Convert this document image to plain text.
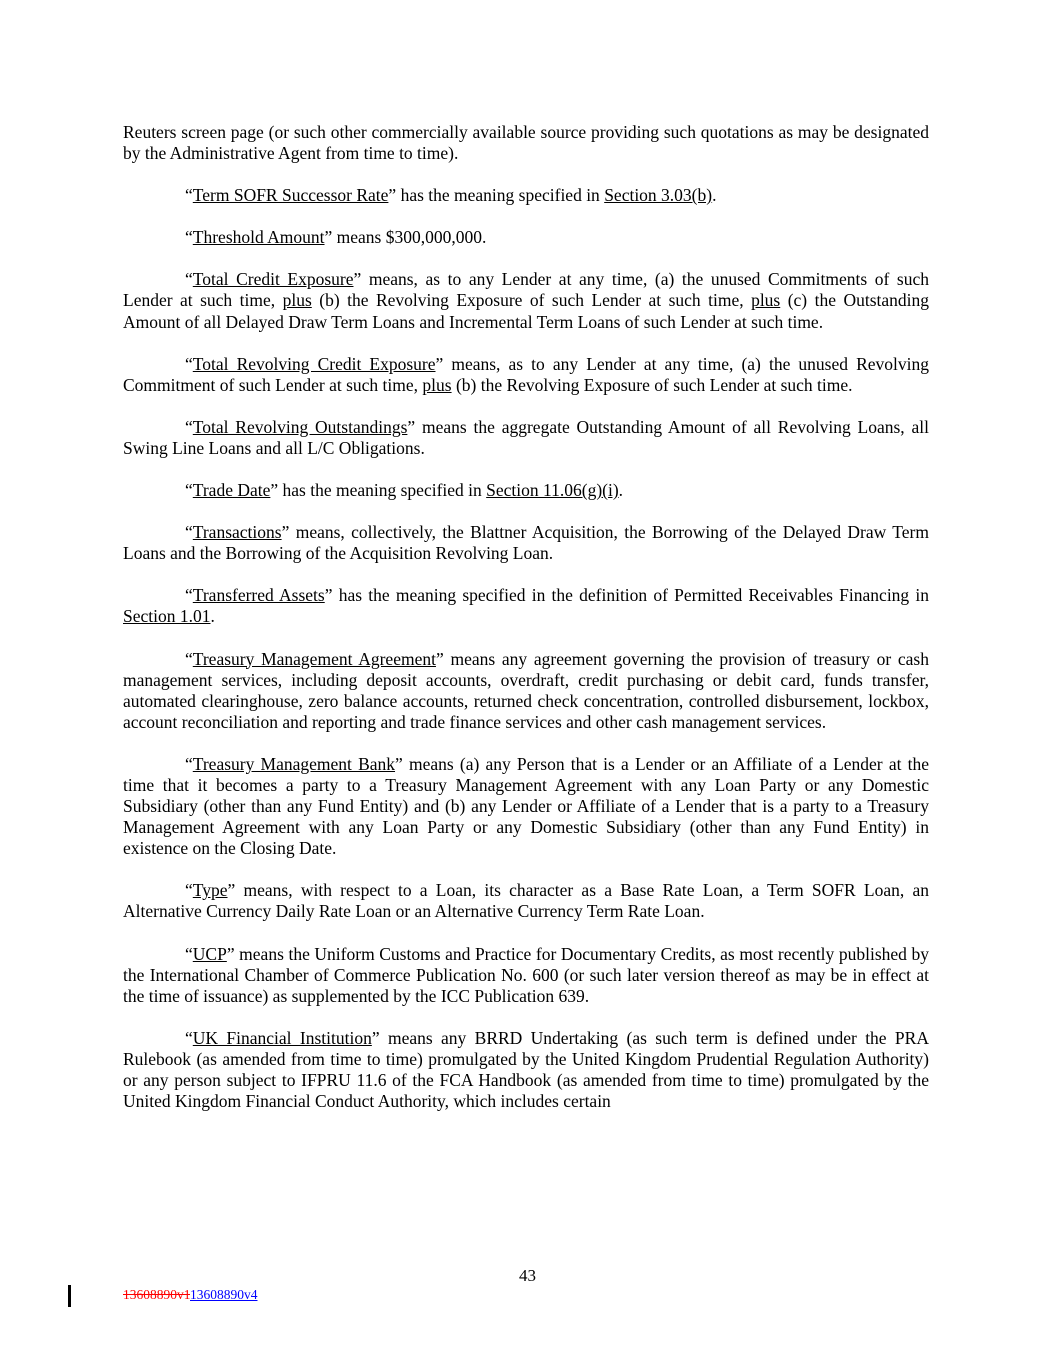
Reuters screen page (or such other commercially available source providing such quotations as may be designated by the Administrative Agent from time to time).

“Term SOFR Successor Rate” has the meaning specified in Section 3.03(b).

“Threshold Amount” means $300,000,000.

“Total Credit Exposure” means, as to any Lender at any time, (a) the unused Commitments of such Lender at such time, plus (b) the Revolving Exposure of such Lender at such time, plus (c) the Outstanding Amount of all Delayed Draw Term Loans and Incremental Term Loans of such Lender at such time.

“Total Revolving Credit Exposure” means, as to any Lender at any time, (a) the unused Revolving Commitment of such Lender at such time, plus (b) the Revolving Exposure of such Lender at such time.

“Total Revolving Outstandings” means the aggregate Outstanding Amount of all Revolving Loans, all Swing Line Loans and all L/C Obligations.

“Trade Date” has the meaning specified in Section 11.06(g)(i).

“Transactions” means, collectively, the Blattner Acquisition, the Borrowing of the Delayed Draw Term Loans and the Borrowing of the Acquisition Revolving Loan.

“Transferred Assets” has the meaning specified in the definition of Permitted Receivables Financing in Section 1.01.

“Treasury Management Agreement” means any agreement governing the provision of treasury or cash management services, including deposit accounts, overdraft, credit purchasing or debit card, funds transfer, automated clearinghouse, zero balance accounts, returned check concentration, controlled disbursement, lockbox, account reconciliation and reporting and trade finance services and other cash management services.

“Treasury Management Bank” means (a) any Person that is a Lender or an Affiliate of a Lender at the time that it becomes a party to a Treasury Management Agreement with any Loan Party or any Domestic Subsidiary (other than any Fund Entity) and (b) any Lender or Affiliate of a Lender that is a party to a Treasury Management Agreement with any Loan Party or any Domestic Subsidiary (other than any Fund Entity) in existence on the Closing Date.

“Type” means, with respect to a Loan, its character as a Base Rate Loan, a Term SOFR Loan, an Alternative Currency Daily Rate Loan or an Alternative Currency Term Rate Loan.

“UCP” means the Uniform Customs and Practice for Documentary Credits, as most recently published by the International Chamber of Commerce Publication No. 600 (or such later version thereof as may be in effect at the time of issuance) as supplemented by the ICC Publication 639.

“UK Financial Institution” means any BRRD Undertaking (as such term is defined under the PRA Rulebook (as amended from time to time) promulgated by the United Kingdom Prudential Regulation Authority) or any person subject to IFPRU 11.6 of the FCA Handbook (as amended from time to time) promulgated by the United Kingdom Financial Conduct Authority, which includes certain

43
13608890v113608890v4
